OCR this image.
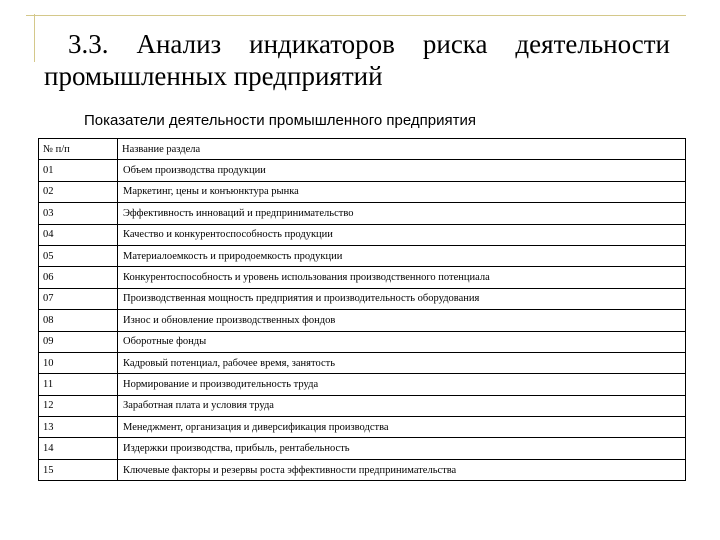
3.3. Анализ индикаторов риска деятельности
промышленных предприятий
Показатели деятельности промышленного предприятия
№ п/п	Название раздела
01	Объем производства продукции
02	Маркетинг, цены и конъюнктура рынка
03	Эффективность инноваций и предпринимательство
04	Качество и конкурентоспособность продукции
05	Материалоемкость и природоемкость продукции
06	Конкурентоспособность и уровень использования производственного потенциала
07	Производственная мощность предприятия и производительность оборудования
08	Износ и обновление производственных фондов
09	Оборотные фонды
10	Кадровый потенциал, рабочее время, занятость
11	Нормирование и производительность труда
12	Заработная плата и условия труда
13	Менеджмент, организация и диверсификация производства
14	Издержки производства, прибыль, рентабельность
15	Ключевые факторы и резервы роста эффективности предпринимательства
